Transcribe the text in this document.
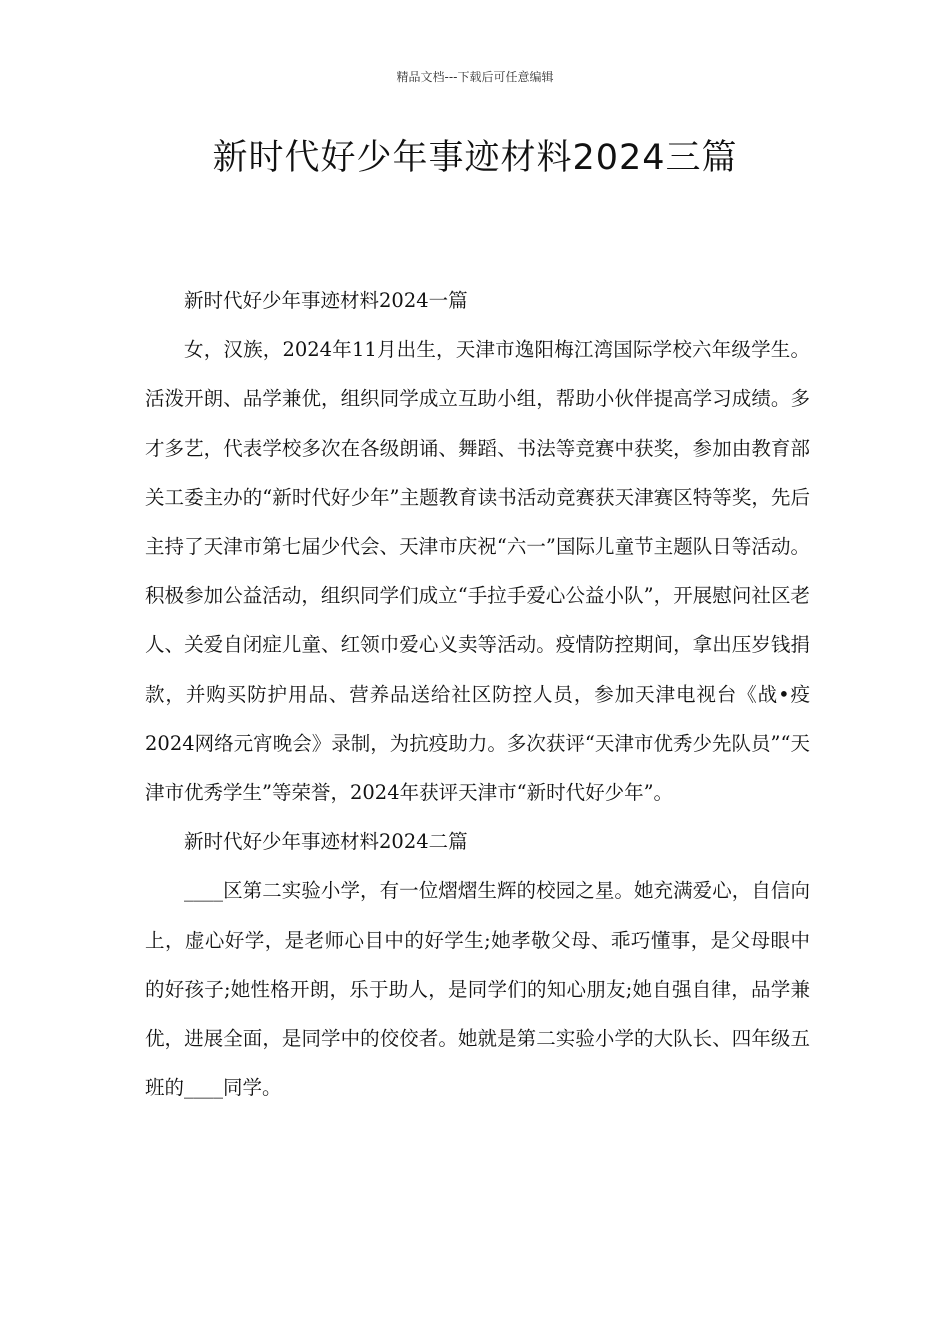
精品文档---下载后可任意编辑
新时代好少年事迹材料2024三篇

新时代好少年事迹材料2024一篇

女，汉族，2024年11月出生，天津市逸阳梅江湾国际学校六年级学生。活泼开朗、品学兼优，组织同学成立互助小组，帮助小伙伴提高学习成绩。多才多艺，代表学校多次在各级朗诵、舞蹈、书法等竞赛中获奖，参加由教育部关工委主办的“新时代好少年”主题教育读书活动竞赛获天津赛区特等奖，先后主持了天津市第七届少代会、天津市庆祝“六一”国际儿童节主题队日等活动。积极参加公益活动，组织同学们成立“手拉手爱心公益小队”，开展慰问社区老人、关爱自闭症儿童、红领巾爱心义卖等活动。疫情防控期间，拿出压岁钱捐款，并购买防护用品、营养品送给社区防控人员，参加天津电视台《战•疫2024网络元宵晚会》录制，为抗疫助力。多次获评“天津市优秀少先队员”“天津市优秀学生”等荣誉，2024年获评天津市“新时代好少年”。

新时代好少年事迹材料2024二篇

____区第二实验小学，有一位熠熠生辉的校园之星。她充满爱心，自信向上，虚心好学，是老师心目中的好学生;她孝敬父母、乖巧懂事，是父母眼中的好孩子;她性格开朗，乐于助人，是同学们的知心朋友;她自强自律，品学兼优，进展全面，是同学中的佼佼者。她就是第二实验小学的大队长、四年级五班的____同学。
